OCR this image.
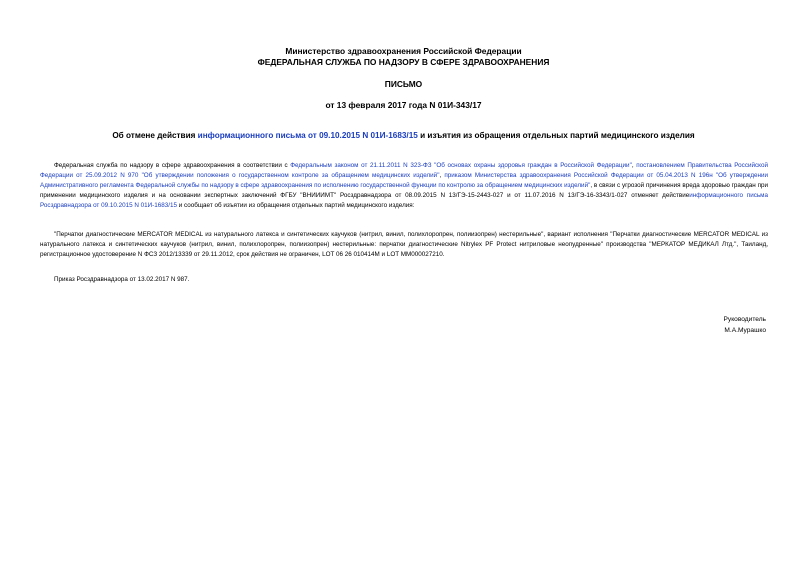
Министерство здравоохранения Российской Федерации
ФЕДЕРАЛЬНАЯ СЛУЖБА ПО НАДЗОРУ В СФЕРЕ ЗДРАВООХРАНЕНИЯ
ПИСЬМО
от 13 февраля 2017 года N 01И-343/17
Об отмене действия информационного письма от 09.10.2015 N 01И-1683/15 и изъятия из обращения отдельных партий медицинского изделия
Федеральная служба по надзору в сфере здравоохранения в соответствии с Федеральным законом от 21.11.2011 N 323-ФЗ "Об основах охраны здоровья граждан в Российской Федерации", постановлением Правительства Российской Федерации от 25.09.2012 N 970 "Об утверждении положения о государственном контроле за обращением медицинских изделий", приказом Министерства здравоохранения Российской Федерации от 05.04.2013 N 196н "Об утверждении Административного регламента Федеральной службы по надзору в сфере здравоохранения по исполнению государственной функции по контролю за обращением медицинских изделий", в связи с угрозой причинения вреда здоровью граждан при применении медицинского изделия и на основании экспертных заключений ФГБУ "ВНИИИМТ" Росздравнадзора от 08.09.2015 N 13/ГЭ-15-2443-027 и от 11.07.2016 N 13/ГЭ-16-3343/1-027 отменяет действиеинформационного письма Росздравнадзора от 09.10.2015 N 01И-1683/15 и сообщает об изъятии из обращения отдельных партий медицинского изделия:
"Перчатки диагностические MERCATOR MEDICAL из натурального латекса и синтетических каучуков (нитрил, винил, полихлоропрен, полиизопрен) нестерильные", вариант исполнения "Перчатки диагностические MERCATOR MEDICAL из натурального латекса и синтетических каучуков (нитрил, винил, полихлоропрен, полиизопрен) нестерильные: перчатки диагностические Nitrylex PF Protect нитриловые неопудренные" производства "МЕРКАТОР МЕДИКАЛ Лтд.", Таиланд, регистрационное удостоверение N ФСЗ 2012/13339 от 29.11.2012, срок действия не ограничен, LOT 06 26 010414M и LOT MM000027210.
Приказ Росздравнадзора от 13.02.2017 N 987.
Руководитель
М.А.Мурашко
